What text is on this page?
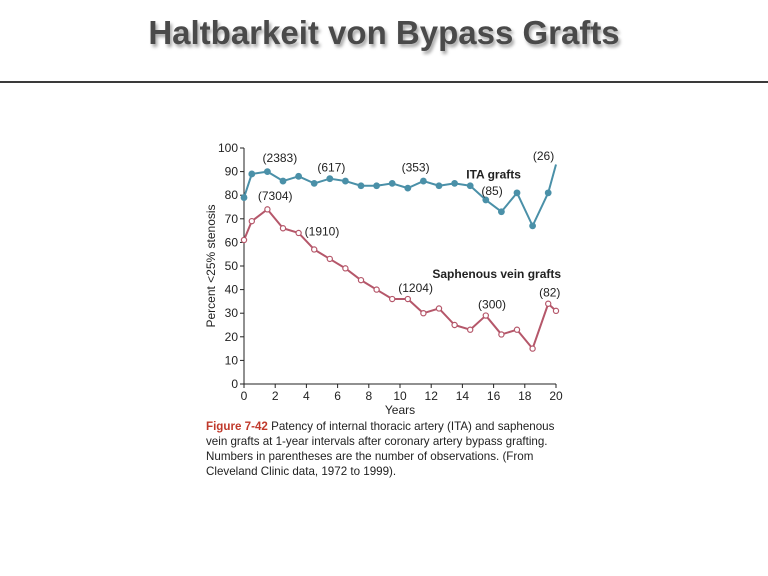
Haltbarkeit von Bypass Grafts
0
10
20
30
40
50
60
70
80
90
100
0 2 4 6 8 10 12 14 16 18 20
Years
Percent <25% stenosis
(2383)
(617)	(353)
(26)
(85)
(7304)
(1910)
(1204)
(300)
(82)
ITA grafts
Saphenous vein grafts
Figure 7-42 Patency of internal thoracic artery (ITA) and saphenous vein grafts at 1-year intervals after coronary artery bypass grafting. Numbers in parentheses are the number of observations. (From Cleveland Clinic data, 1972 to 1999).
